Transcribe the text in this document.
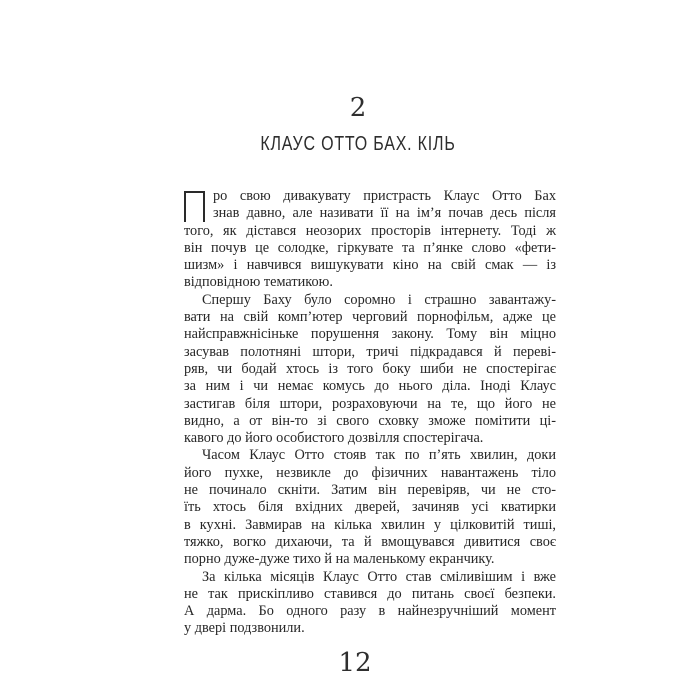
2
КЛАУС ОТТО БАХ. КІЛЬ
ро свою дивакувату пристрасть Клаус Отто Бах
знав давно, але називати її на ім’я почав десь після
того, як дістався неозорих просторів інтернету. Тоді ж
він почув це солодке, гіркувате та п’янке слово «фети-
шизм» і навчився вишукувати кіно на свій смак — із
відповідною тематикою.
Спершу Баху було соромно і страшно завантажу-
вати на свій комп’ютер черговий порнофільм, адже це
найсправжнісіньке порушення закону. Тому він міцно
засував полотняні штори, тричі підкрадався й переві-
ряв, чи бодай хтось із того боку шиби не спостерігає
за ним і чи немає комусь до нього діла. Іноді Клаус
застигав біля штори, розраховуючи на те, що його не
видно, а от він-то зі свого сховку зможе помітити ці-
кавого до його особистого дозвілля спостерігача.
Часом Клаус Отто стояв так по п’ять хвилин, доки
його пухке, незвикле до фізичних навантажень тіло
не починало скніти. Затим він перевіряв, чи не сто-
їть хтось біля вхідних дверей, зачиняв усі кватирки
в кухні. Завмирав на кілька хвилин у цілковитій тиші,
тяжко, вогко дихаючи, та й вмощувався дивитися своє
порно дуже-дуже тихо й на маленькому екранчику.
За кілька місяців Клаус Отто став сміливішим і вже
не так прискіпливо ставився до питань своєї безпеки.
А дарма. Бо одного разу в найнезручніший момент
у двері подзвонили.
12
